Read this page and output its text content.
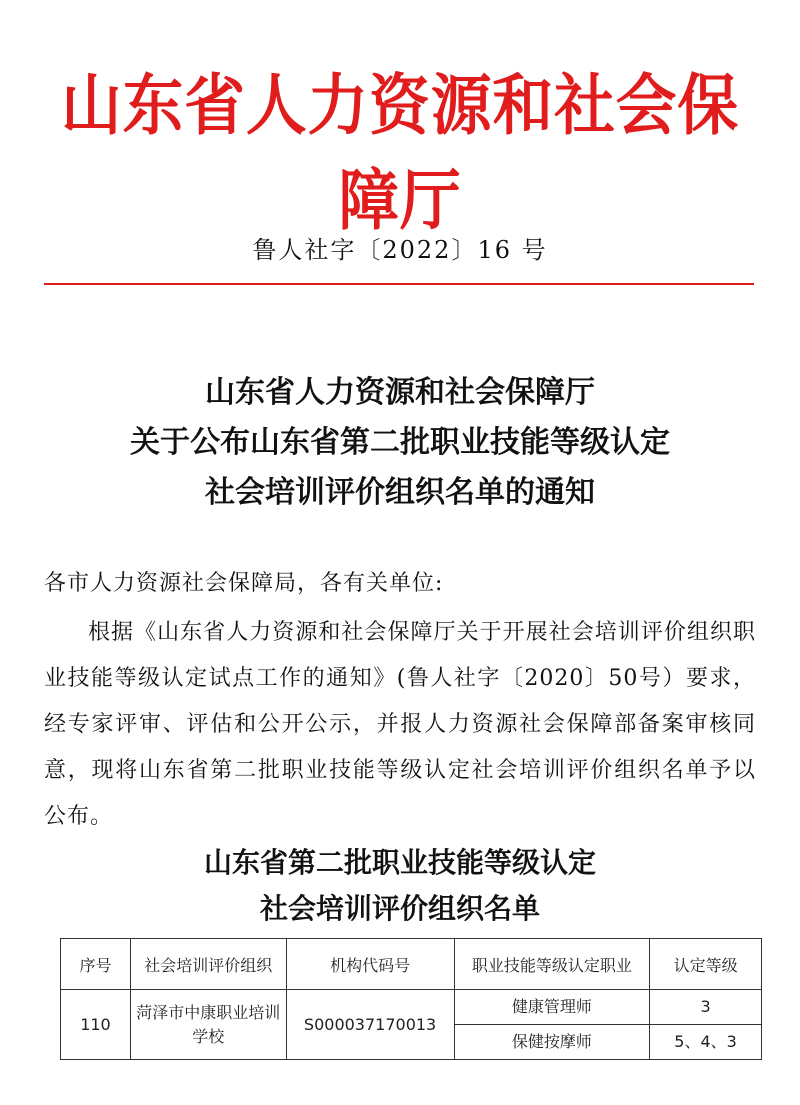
山东省人力资源和社会保障厅
鲁人社字〔2022〕16 号
山东省人力资源和社会保障厅
关于公布山东省第二批职业技能等级认定
社会培训评价组织名单的通知
各市人力资源社会保障局，各有关单位:
根据《山东省人力资源和社会保障厅关于开展社会培训评价组织职业技能等级认定试点工作的通知》(鲁人社字〔2020〕50号）要求，经专家评审、评估和公开公示，并报人力资源社会保障部备案审核同意，现将山东省第二批职业技能等级认定社会培训评价组织名单予以公布。
山东省第二批职业技能等级认定
社会培训评价组织名单
序号	社会培训评价组织	机构代码号	职业技能等级认定职业	认定等级
110	菏泽市中康职业培训学校	S000037170013	健康管理师	3
			保健按摩师	5、4、3
